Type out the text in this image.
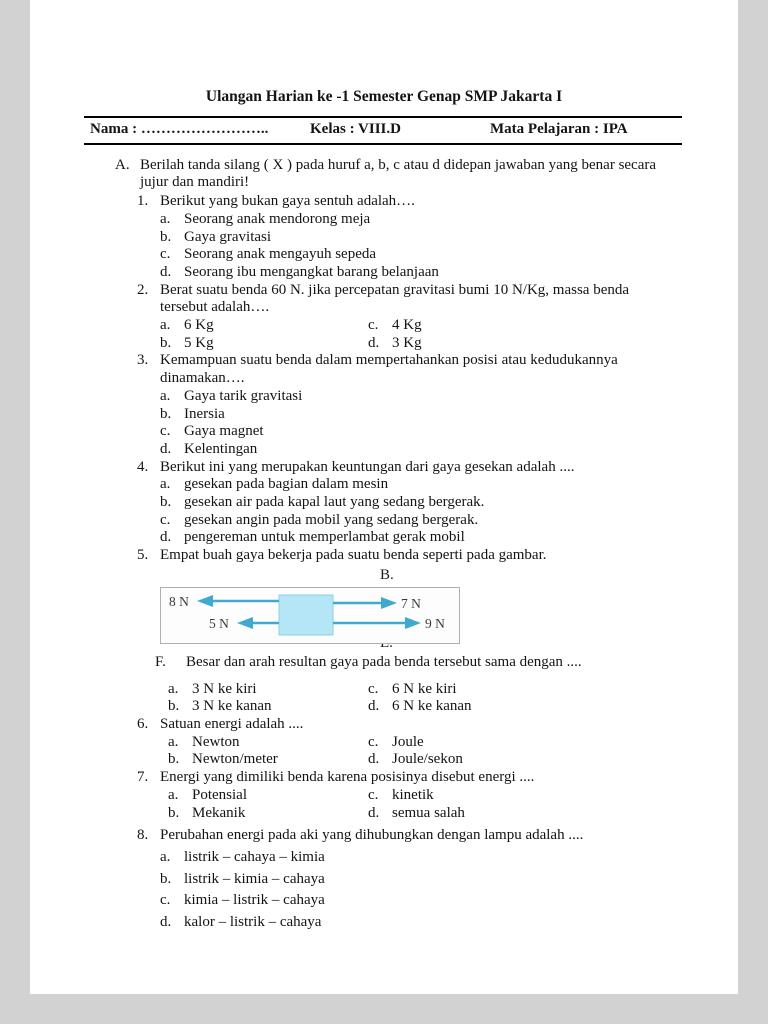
Ulangan Harian ke -1 Semester Genap SMP Jakarta I
Nama : ……………………..	Kelas : VIII.D	Mata Pelajaran : IPA
A. Berilah tanda silang ( X ) pada huruf a, b, c atau d didepan jawaban yang benar secara jujur dan mandiri!
1. Berikut yang bukan gaya sentuh adalah….
a. Seorang anak mendorong meja
b. Gaya gravitasi
c. Seorang anak mengayuh sepeda
d. Seorang ibu mengangkat barang belanjaan
2. Berat suatu benda 60 N. jika percepatan gravitasi bumi 10 N/Kg, massa benda tersebut adalah….
a. 6 Kg	c. 4 Kg
b. 5 Kg	d. 3 Kg
3. Kemampuan suatu benda dalam mempertahankan posisi atau kedudukannya dinamakan….
a. Gaya tarik gravitasi
b. Inersia
c. Gaya magnet
d. Kelentingan
4. Berikut ini yang merupakan keuntungan dari gaya gesekan adalah ....
a. gesekan pada bagian dalam mesin
b. gesekan air pada kapal laut yang sedang bergerak.
c. gesekan angin pada mobil yang sedang bergerak.
d. pengereman untuk memperlambat gerak mobil
5. Empat buah gaya bekerja pada suatu benda seperti pada gambar.
B.
8 N
5 N
7 N
9 N
F.	Besar dan arah resultan gaya pada benda tersebut sama dengan ....
a. 3 N ke kiri	c. 6 N ke kiri
b. 3 N ke kanan	d. 6 N ke kanan
6. Satuan energi adalah ....
a. Newton	c. Joule
b. Newton/meter	d. Joule/sekon
7. Energi yang dimiliki benda karena posisinya disebut energi ....
a. Potensial	c. kinetik
b. Mekanik	d. semua salah
8. Perubahan energi pada aki yang dihubungkan dengan lampu adalah ....
a. listrik – cahaya – kimia
b. listrik – kimia – cahaya
c. kimia – listrik – cahaya
d. kalor – listrik – cahaya
